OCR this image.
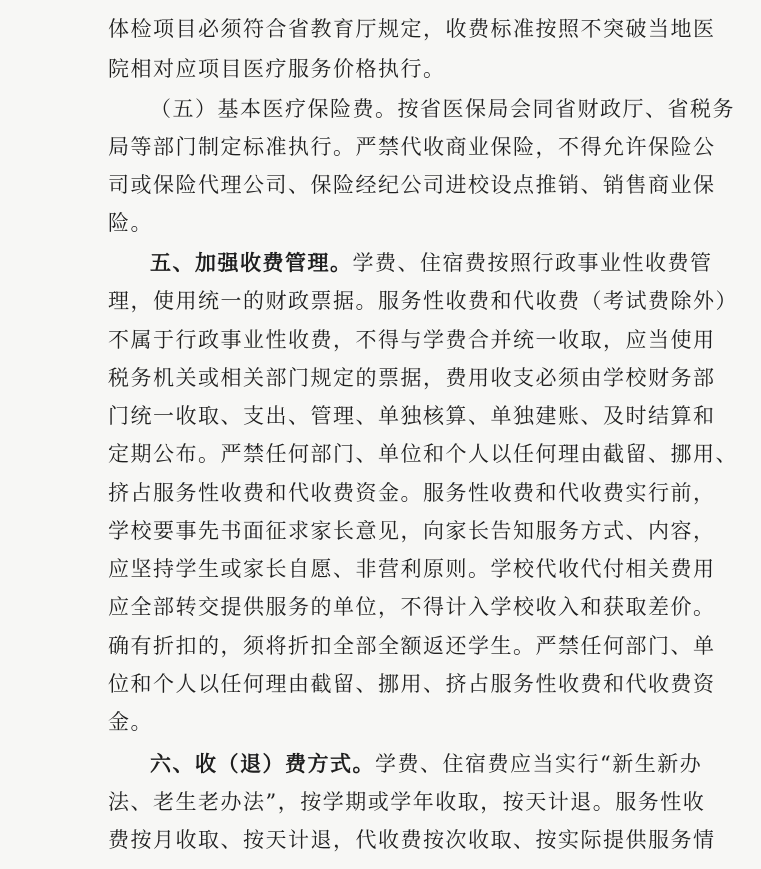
体检项目必须符合省教育厅规定，收费标准按照不突破当地医
院相对应项目医疗服务价格执行。
（五）基本医疗保险费。按省医保局会同省财政厅、省税务
局等部门制定标准执行。严禁代收商业保险，不得允许保险公
司或保险代理公司、保险经纪公司进校设点推销、销售商业保
险。
五、加强收费管理。学费、住宿费按照行政事业性收费管
理，使用统一的财政票据。服务性收费和代收费（考试费除外）
不属于行政事业性收费，不得与学费合并统一收取，应当使用
税务机关或相关部门规定的票据，费用收支必须由学校财务部
门统一收取、支出、管理、单独核算、单独建账、及时结算和
定期公布。严禁任何部门、单位和个人以任何理由截留、挪用、
挤占服务性收费和代收费资金。服务性收费和代收费实行前，
学校要事先书面征求家长意见，向家长告知服务方式、内容，
应坚持学生或家长自愿、非营利原则。学校代收代付相关费用
应全部转交提供服务的单位，不得计入学校收入和获取差价。
确有折扣的，须将折扣全部全额返还学生。严禁任何部门、单
位和个人以任何理由截留、挪用、挤占服务性收费和代收费资
金。
六、收（退）费方式。学费、住宿费应当实行“新生新办
法、老生老办法”，按学期或学年收取，按天计退。服务性收
费按月收取、按天计退，代收费按次收取、按实际提供服务情
